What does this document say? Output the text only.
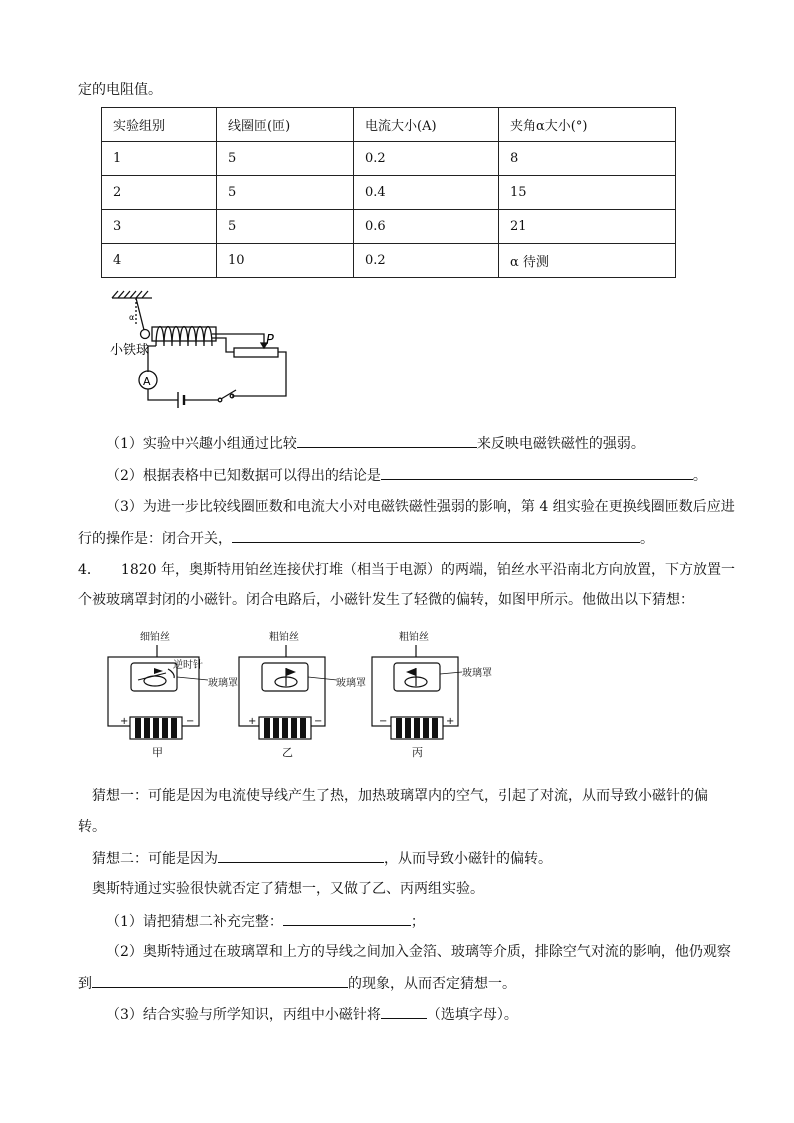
定的电阻值。
实验组别	线圈匝(匝)	电流大小(A)	夹角α大小(°)
1	5	0.2	8
2	5	0.4	15
3	5	0.6	21
4	10	0.2	α 待测
α
小铁球
P
A
（1）实验中兴趣小组通过比较	来反映电磁铁磁性的强弱。
（2）根据表格中已知数据可以得出的结论是	。
（3）为进一步比较线圈匝数和电流大小对电磁铁磁性强弱的影响，第 4 组实验在更换线圈匝数后应进
行的操作是：闭合开关，	。
4． 1820 年，奥斯特用铂丝连接伏打堆（相当于电源）的两端，铂丝水平沿南北方向放置，下方放置一
个被玻璃罩封闭的小磁针。闭合电路后，小磁针发生了轻微的偏转，如图甲所示。他做出以下猜想：
细铂丝
逆时针
玻璃罩
+	−
甲
粗铂丝
玻璃罩
+	−
乙
粗铂丝
玻璃罩
−	+
丙
猜想一：可能是因为电流使导线产生了热，加热玻璃罩内的空气，引起了对流，从而导致小磁针的偏
转。
猜想二：可能是因为	，从而导致小磁针的偏转。
奥斯特通过实验很快就否定了猜想一，又做了乙、丙两组实验。
（1）请把猜想二补充完整：	；
（2）奥斯特通过在玻璃罩和上方的导线之间加入金箔、玻璃等介质，排除空气对流的影响，他仍观察
到	的现象，从而否定猜想一。
（3）结合实验与所学知识，丙组中小磁针将	（选填字母）。
